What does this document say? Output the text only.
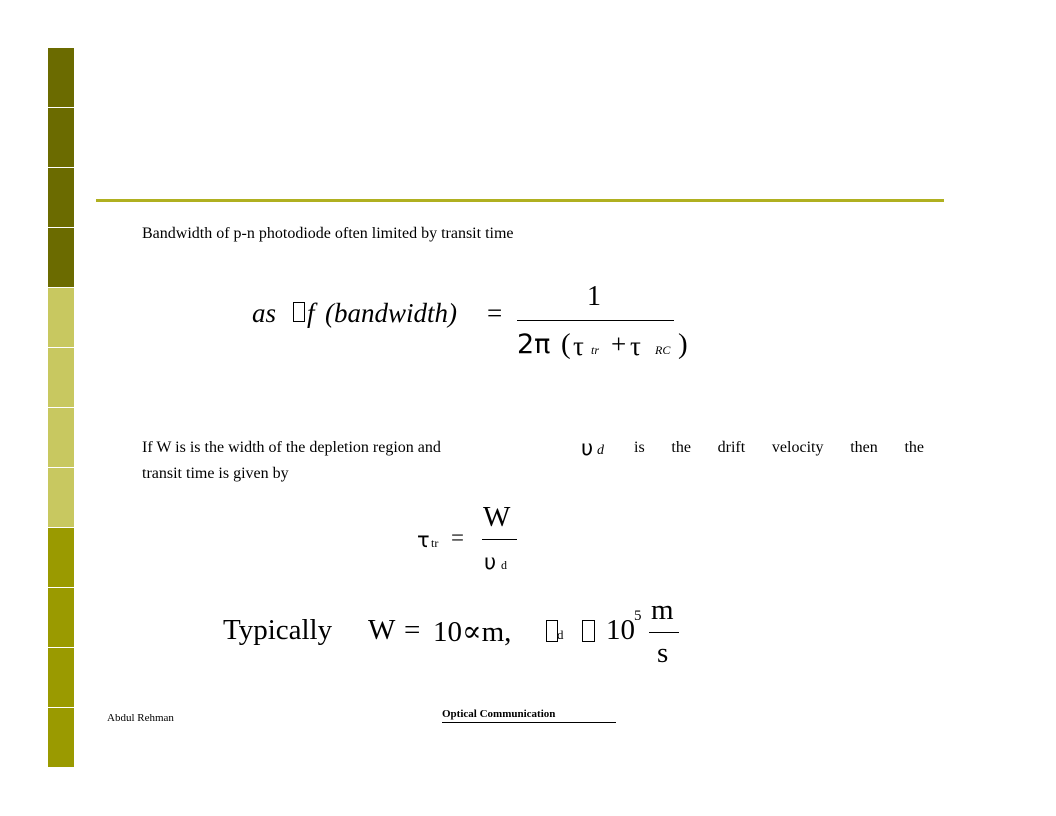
Bandwidth of p-n photodiode often limited by transit time
as f (bandwidth) =
1
2π ( τ tr + τ RC )
If W is is the width of the depletion region and	υ d is the drift velocity then the
transit time is given by
τ tr =
W
υ d
Typically W = 10∝m,	d 10 5 m
s
Abdul Rehman	Optical Communication
